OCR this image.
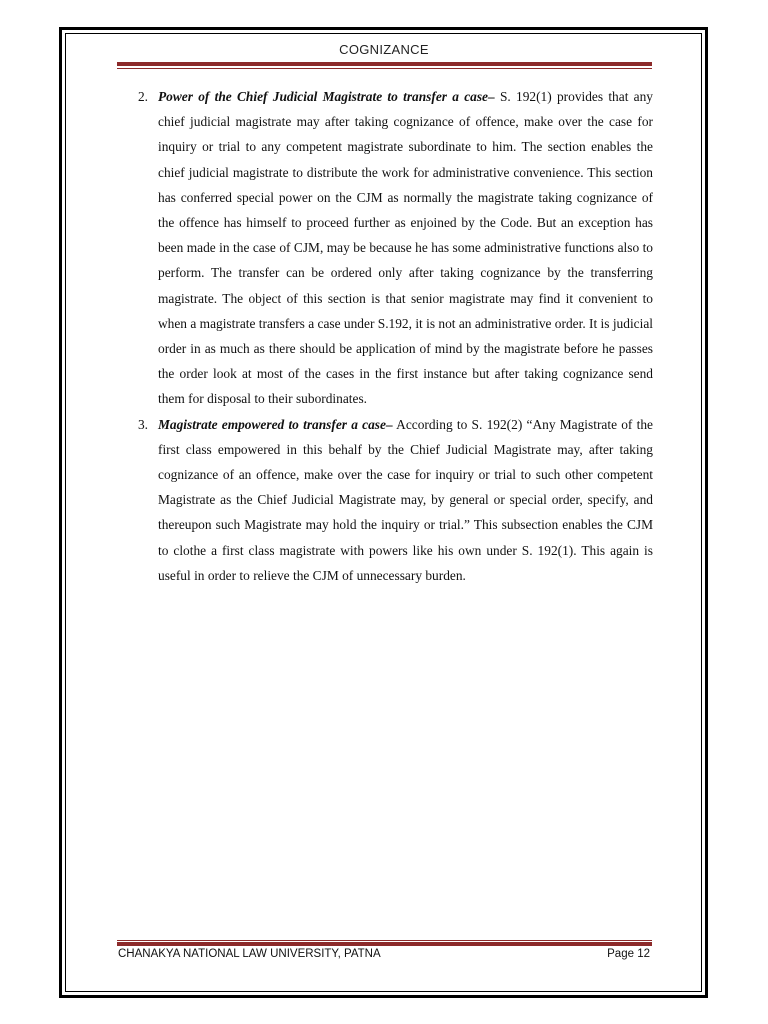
COGNIZANCE
2. Power of the Chief Judicial Magistrate to transfer a case– S. 192(1) provides that any chief judicial magistrate may after taking cognizance of offence, make over the case for inquiry or trial to any competent magistrate subordinate to him. The section enables the chief judicial magistrate to distribute the work for administrative convenience. This section has conferred special power on the CJM as normally the magistrate taking cognizance of the offence has himself to proceed further as enjoined by the Code. But an exception has been made in the case of CJM, may be because he has some administrative functions also to perform. The transfer can be ordered only after taking cognizance by the transferring magistrate. The object of this section is that senior magistrate may find it convenient to when a magistrate transfers a case under S.192, it is not an administrative order. It is judicial order in as much as there should be application of mind by the magistrate before he passes the order look at most of the cases in the first instance but after taking cognizance send them for disposal to their subordinates.
3. Magistrate empowered to transfer a case– According to S. 192(2) “Any Magistrate of the first class empowered in this behalf by the Chief Judicial Magistrate may, after taking cognizance of an offence, make over the case for inquiry or trial to such other competent Magistrate as the Chief Judicial Magistrate may, by general or special order, specify, and thereupon such Magistrate may hold the inquiry or trial.” This subsection enables the CJM to clothe a first class magistrate with powers like his own under S. 192(1). This again is useful in order to relieve the CJM of unnecessary burden.
CHANAKYA NATIONAL LAW UNIVERSITY, PATNA	Page 12
